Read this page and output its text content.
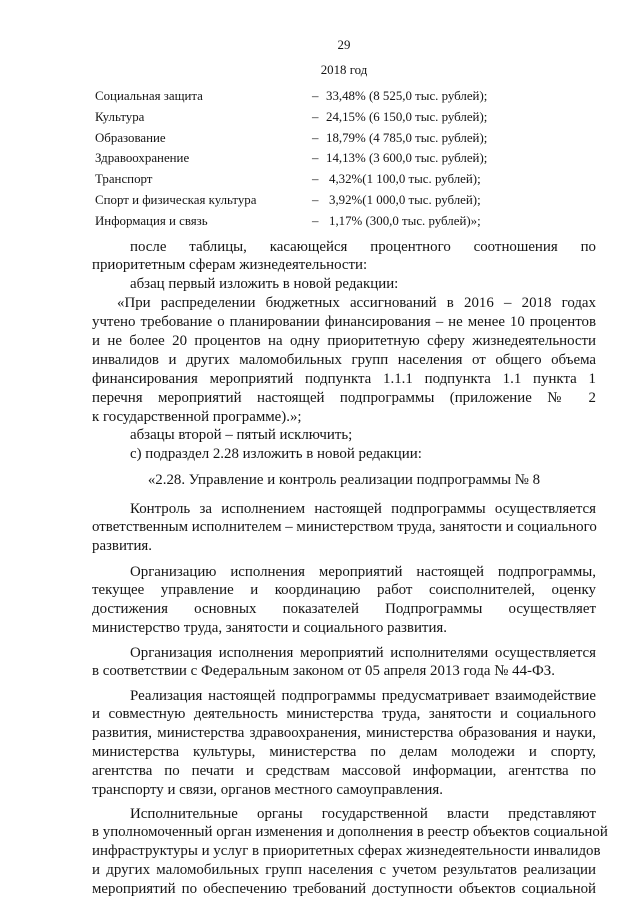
29
2018 год
Социальная защита	– 33,48% (8 525,0 тыс. рублей);
Культура	– 24,15% (6 150,0 тыс. рублей);
Образование	– 18,79% (4 785,0 тыс. рублей);
Здравоохранение	– 14,13% (3 600,0 тыс. рублей);
Транспорт	– 4,32%(1 100,0 тыс. рублей);
Спорт и физическая культура	– 3,92%(1 000,0 тыс. рублей);
Информация и связь	– 1,17% (300,0 тыс. рублей)»;
после таблицы, касающейся процентного соотношения по
приоритетным сферам жизнедеятельности:
абзац первый изложить в новой редакции:
«При распределении бюджетных ассигнований в 2016 – 2018 годах
учтено требование о планировании финансирования – не менее 10 процентов
и не более 20 процентов на одну приоритетную сферу жизнедеятельности
инвалидов и других маломобильных групп населения от общего объема
финансирования мероприятий подпункта 1.1.1 подпункта 1.1 пункта 1
перечня мероприятий настоящей подпрограммы (приложение № 2
к государственной программе).»;
абзацы второй – пятый исключить;
с) подраздел 2.28 изложить в новой редакции:
«2.28. Управление и контроль реализации подпрограммы № 8
Контроль за исполнением настоящей подпрограммы осуществляется
ответственным исполнителем – министерством труда, занятости и социального
развития.
Организацию исполнения мероприятий настоящей подпрограммы,
текущее управление и координацию работ соисполнителей, оценку
достижения основных показателей Подпрограммы осуществляет
министерство труда, занятости и социального развития.
Организация исполнения мероприятий исполнителями осуществляется
в соответствии с Федеральным законом от 05 апреля 2013 года № 44-ФЗ.
Реализация настоящей подпрограммы предусматривает взаимодействие
и совместную деятельность министерства труда, занятости и социального
развития, министерства здравоохранения, министерства образования и науки,
министерства культуры, министерства по делам молодежи и спорту,
агентства по печати и средствам массовой информации, агентства по
транспорту и связи, органов местного самоуправления.
Исполнительные органы государственной власти представляют
в уполномоченный орган изменения и дополнения в реестр объектов социальной
инфраструктуры и услуг в приоритетных сферах жизнедеятельности инвалидов
и других маломобильных групп населения с учетом результатов реализации
мероприятий по обеспечению требований доступности объектов социальной
